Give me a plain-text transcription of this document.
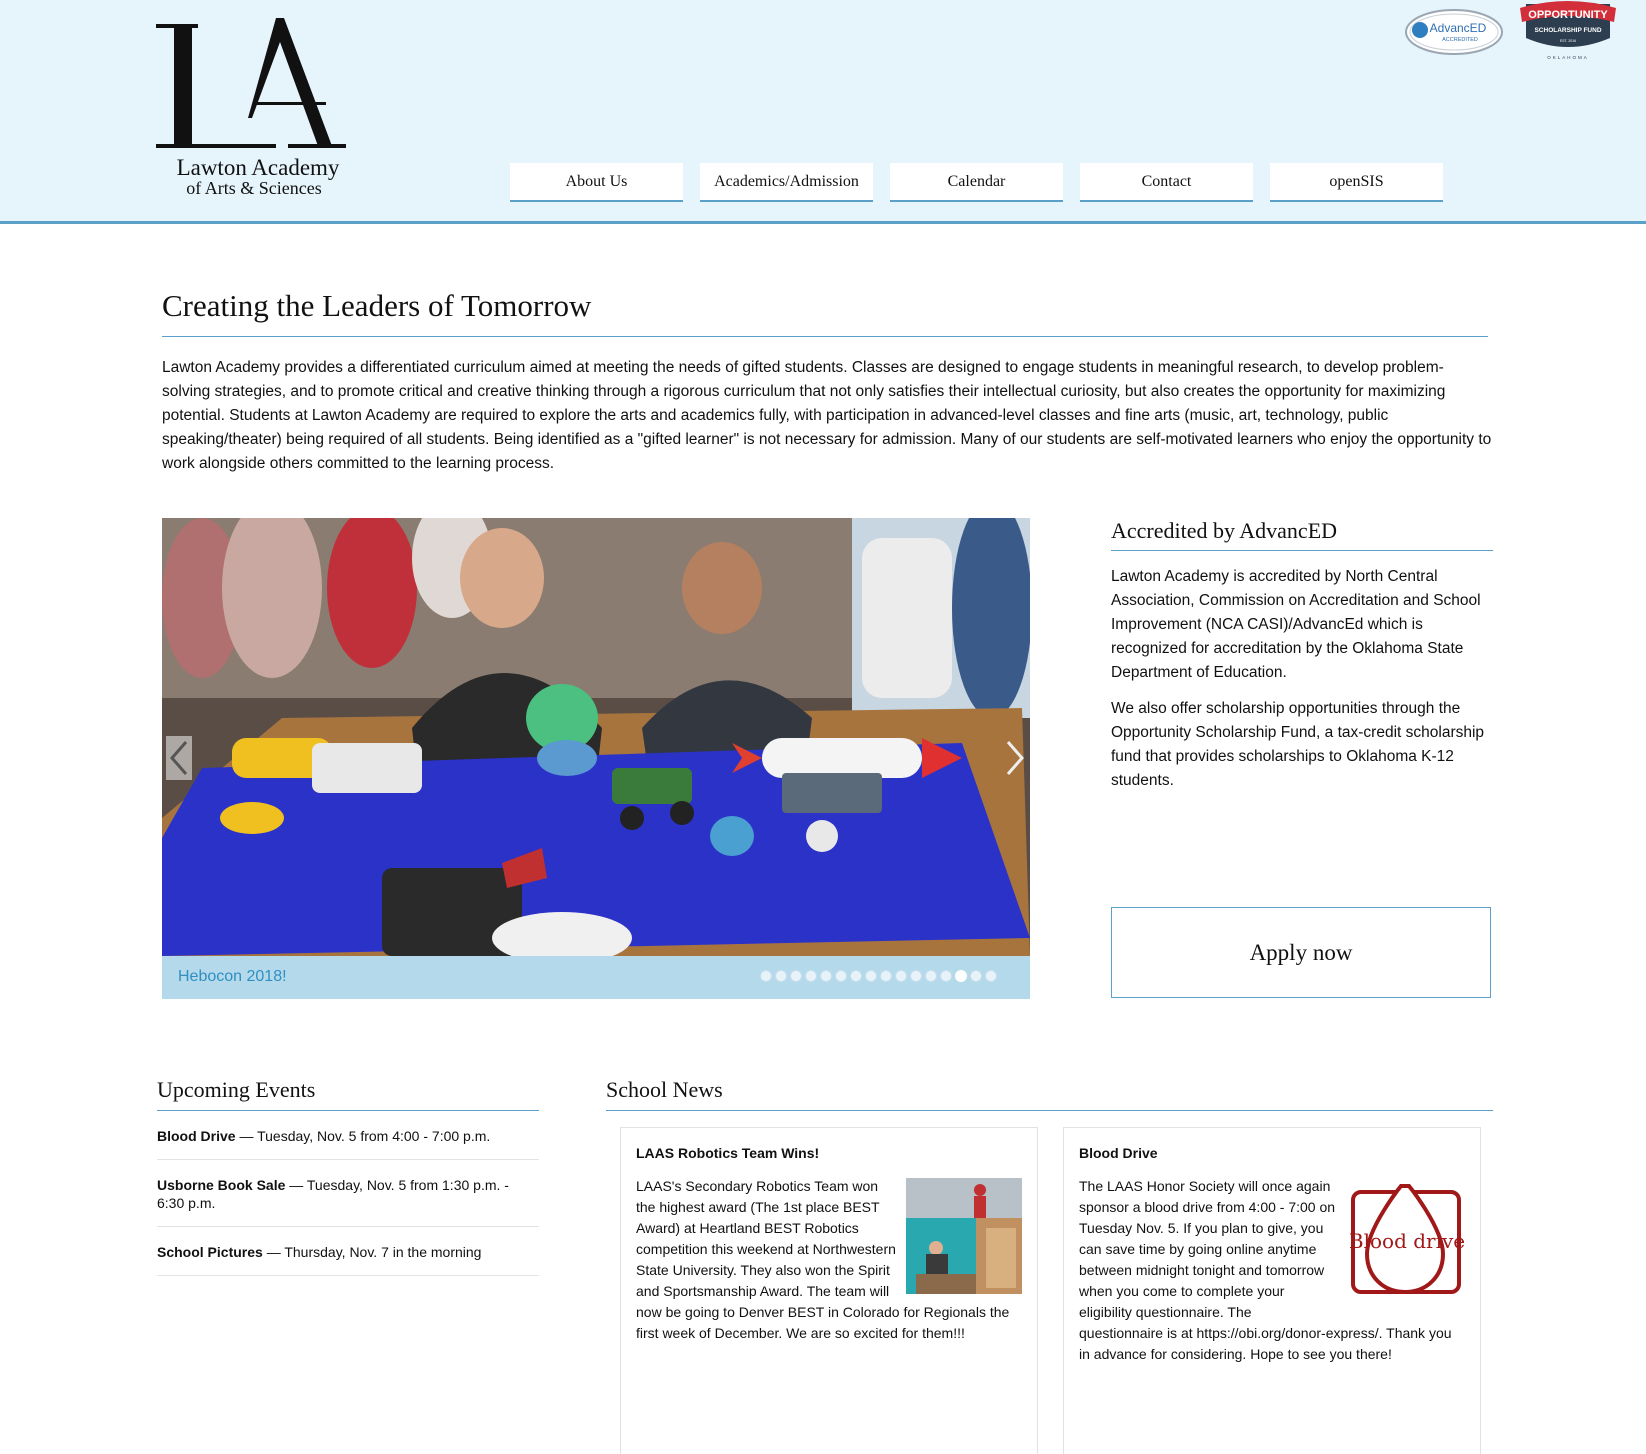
Lawton Academy
of Arts & Sciences
AdvancED
ACCREDITED
OPPORTUNITY
SCHOLARSHIP FUND
EST. 2016
OKLAHOMA
About Us	Academics/Admission	Calendar	Contact	openSIS
Creating the Leaders of Tomorrow

Lawton Academy provides a differentiated curriculum aimed at meeting the needs of gifted students. Classes are designed to engage students in meaningful research, to develop problem-solving strategies, and to promote critical and creative thinking through a rigorous curriculum that not only satisfies their intellectual curiosity, but also creates the opportunity for maximizing potential. Students at Lawton Academy are required to explore the arts and academics fully, with participation in advanced-level classes and fine arts (music, art, technology, public speaking/theater) being required of all students. Being identified as a "gifted learner" is not necessary for admission. Many of our students are self-motivated learners who enjoy the opportunity to work alongside others committed to the learning process.

Hebocon 2018!
Accredited by AdvancED

Lawton Academy is accredited by North Central Association, Commission on Accreditation and School Improvement (NCA CASI)/AdvancEd which is recognized for accreditation by the Oklahoma State Department of Education.

We also offer scholarship opportunities through the Opportunity Scholarship Fund, a tax-credit scholarship fund that provides scholarships to Oklahoma K-12 students.

Apply now
Upcoming Events
Blood Drive — Tuesday, Nov. 5 from 4:00 - 7:00 p.m.
Usborne Book Sale — Tuesday, Nov. 5 from 1:30 p.m. - 6:30 p.m.
School Pictures — Thursday, Nov. 7 in the morning
School News
LAAS Robotics Team Wins!
LAAS's Secondary Robotics Team won the highest award (The 1st place BEST Award) at Heartland BEST Robotics competition this weekend at Northwestern State University. They also won the Spirit and Sportsmanship Award. The team will now be going to Denver BEST in Colorado for Regionals the first week of December. We are so excited for them!!!
Blood Drive
Blood drive
The LAAS Honor Society will once again sponsor a blood drive from 4:00 - 7:00 on Tuesday Nov. 5. If you plan to give, you can save time by going online anytime between midnight tonight and tomorrow when you come to complete your eligibility questionnaire. The questionnaire is at https://obi.org/donor-express/. Thank you in advance for considering. Hope to see you there!
